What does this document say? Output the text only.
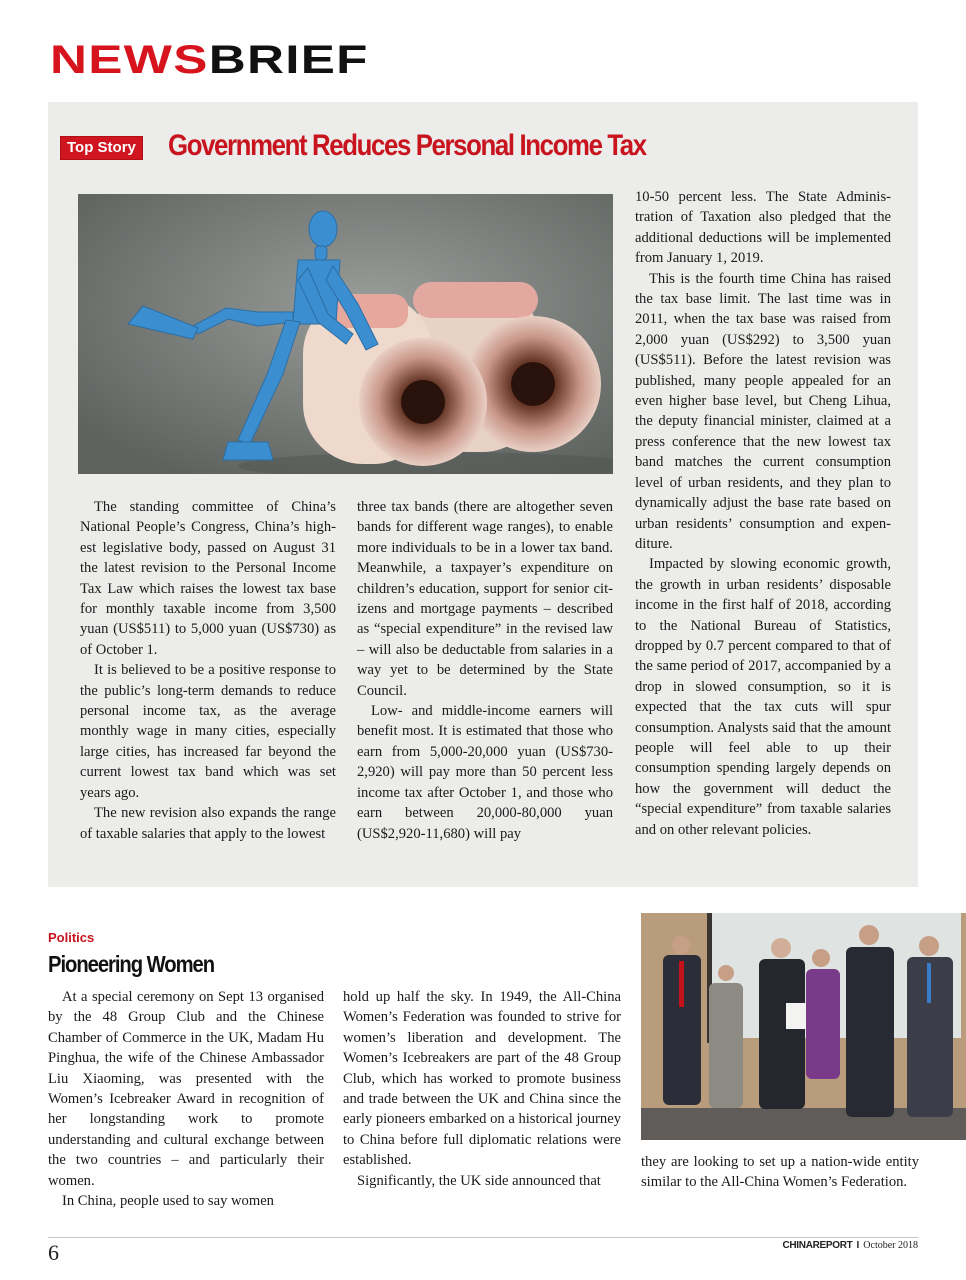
NEWSBRIEF
Top Story Government Reduces Personal Income Tax

The standing committee of China’s National People’s Congress, China’s highest legislative body, passed on August 31 the latest revision to the Personal Income Tax Law which raises the lowest tax base for monthly taxable income from 3,500 yuan (US$511) to 5,000 yuan (US$730) as of October 1.

It is believed to be a positive response to the public’s long-term demands to reduce personal income tax, as the average monthly wage in many cities, especially large cities, has increased far beyond the current lowest tax band which was set years ago.

The new revision also expands the range of taxable salaries that apply to the lowest

three tax bands (there are altogether seven bands for different wage ranges), to enable more individuals to be in a lower tax band. Meanwhile, a taxpayer’s expenditure on children’s education, support for senior citizens and mortgage payments – described as “special expenditure” in the revised law – will also be deductable from salaries in a way yet to be determined by the State Council.

Low- and middle-income earners will benefit most. It is estimated that those who earn from 5,000-20,000 yuan (US$730-2,920) will pay more than 50 percent less income tax after October 1, and those who earn between 20,000-80,000 yuan (US$2,920-11,680) will pay

10-50 percent less. The State Administration of Taxation also pledged that the additional deductions will be implemented from January 1, 2019.

This is the fourth time China has raised the tax base limit. The last time was in 2011, when the tax base was raised from 2,000 yuan (US$292) to 3,500 yuan (US$511). Before the latest revision was published, many people appealed for an even higher base level, but Cheng Lihua, the deputy financial minister, claimed at a press conference that the new lowest tax band matches the current consumption level of urban residents, and they plan to dynamically adjust the base rate based on urban residents’ consumption and expenditure.

Impacted by slowing economic growth, the growth in urban residents’ disposable income in the first half of 2018, according to the National Bureau of Statistics, dropped by 0.7 percent compared to that of the same period of 2017, accompanied by a drop in slowed consumption, so it is expected that the tax cuts will spur consumption. Analysts said that the amount people will feel able to up their consumption spending largely depends on how the government will deduct the “special expenditure” from taxable salaries and on other relevant policies.

Politics
Pioneering Women

At a special ceremony on Sept 13 organised by the 48 Group Club and the Chinese Chamber of Commerce in the UK, Madam Hu Pinghua, the wife of the Chinese Ambassador Liu Xiaoming, was presented with the Women’s Icebreaker Award in recognition of her longstanding work to promote understanding and cultural exchange between the two countries – and particularly their women.

In China, people used to say women

hold up half the sky. In 1949, the All-China Women’s Federation was founded to strive for women’s liberation and development. The Women’s Icebreakers are part of the 48 Group Club, which has worked to promote business and trade between the UK and China since the early pioneers embarked on a historical journey to China before full diplomatic relations were established.

Significantly, the UK side announced that

they are looking to set up a nation-wide entity similar to the All-China Women’s Federation.

6	CHINAREPORT I October 2018
